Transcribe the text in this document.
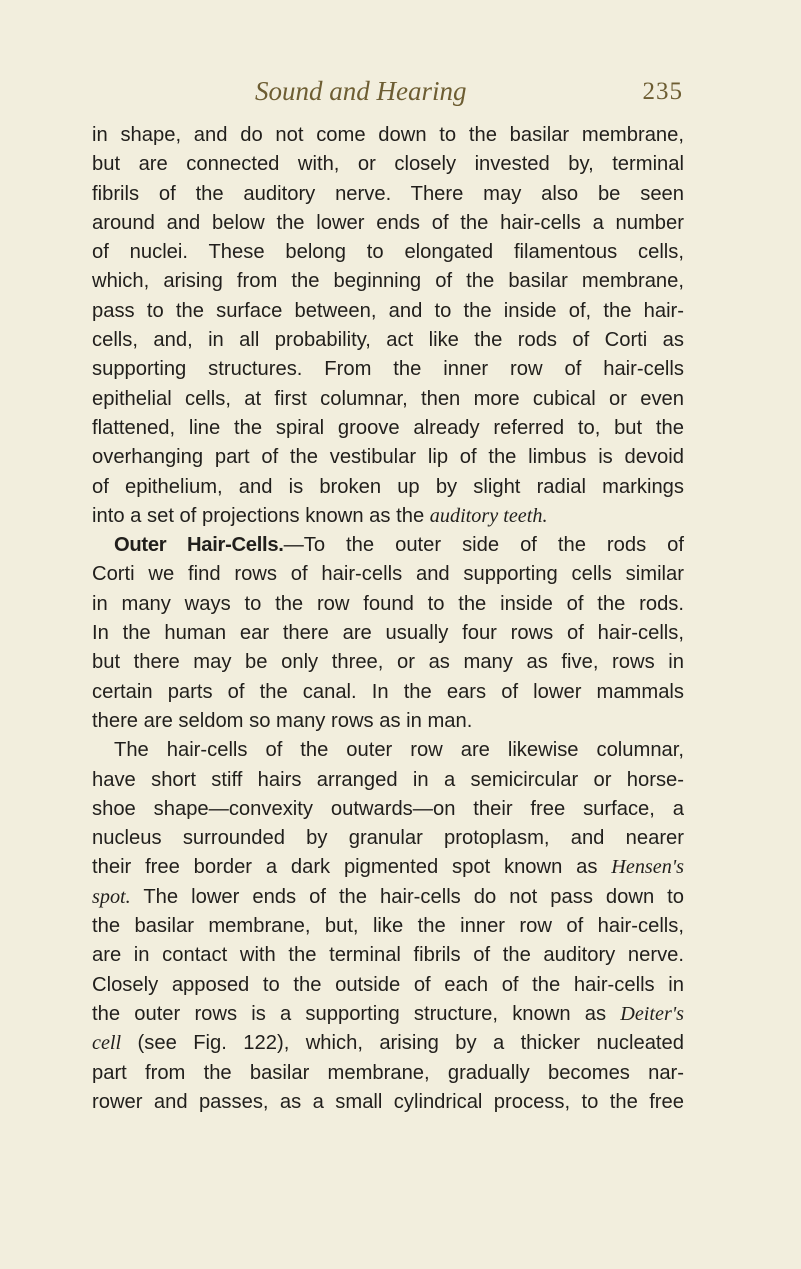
Sound and Hearing	235
in shape, and do not come down to the basilar membrane,
but are connected with, or closely invested by, terminal
fibrils of the auditory nerve. There may also be seen
around and below the lower ends of the hair-cells a number
of nuclei. These belong to elongated filamentous cells,
which, arising from the beginning of the basilar membrane,
pass to the surface between, and to the inside of, the hair-
cells, and, in all probability, act like the rods of Corti as
supporting structures. From the inner row of hair-cells
epithelial cells, at first columnar, then more cubical or even
flattened, line the spiral groove already referred to, but the
overhanging part of the vestibular lip of the limbus is devoid
of epithelium, and is broken up by slight radial markings
into a set of projections known as the auditory teeth.
Outer Hair-Cells.—To the outer side of the rods of
Corti we find rows of hair-cells and supporting cells similar
in many ways to the row found to the inside of the rods.
In the human ear there are usually four rows of hair-cells,
but there may be only three, or as many as five, rows in
certain parts of the canal. In the ears of lower mammals
there are seldom so many rows as in man.
The hair-cells of the outer row are likewise columnar,
have short stiff hairs arranged in a semicircular or horse-
shoe shape—convexity outwards—on their free surface, a
nucleus surrounded by granular protoplasm, and nearer
their free border a dark pigmented spot known as Hensen's
spot. The lower ends of the hair-cells do not pass down to
the basilar membrane, but, like the inner row of hair-cells,
are in contact with the terminal fibrils of the auditory nerve.
Closely apposed to the outside of each of the hair-cells in
the outer rows is a supporting structure, known as Deiter's
cell (see Fig. 122), which, arising by a thicker nucleated
part from the basilar membrane, gradually becomes nar-
rower and passes, as a small cylindrical process, to the free
